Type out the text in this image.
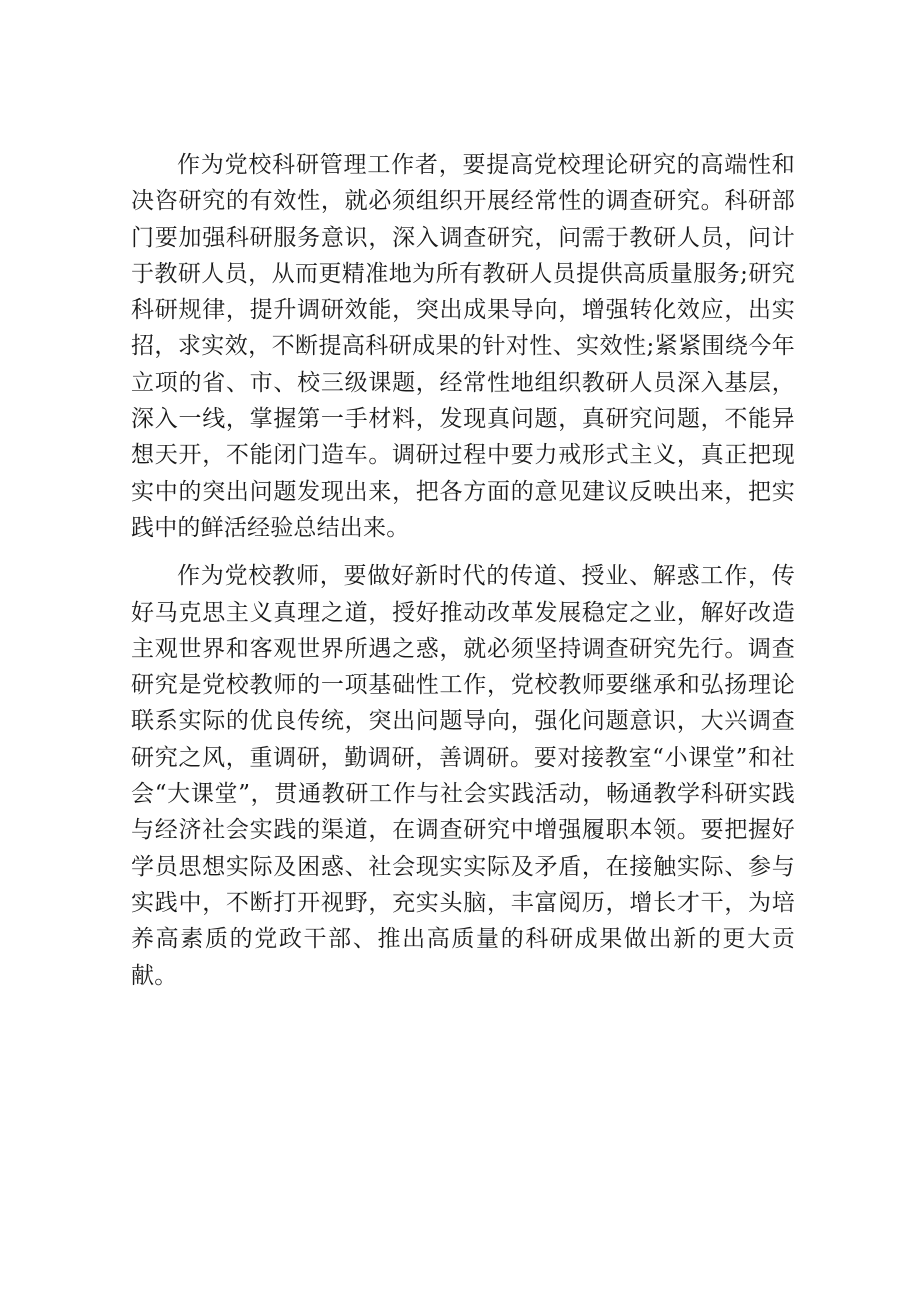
作为党校科研管理工作者，要提高党校理论研究的高端性和决咨研究的有效性，就必须组织开展经常性的调查研究。科研部门要加强科研服务意识，深入调查研究，问需于教研人员，问计于教研人员，从而更精准地为所有教研人员提供高质量服务;研究科研规律，提升调研效能，突出成果导向，增强转化效应，出实招，求实效，不断提高科研成果的针对性、实效性;紧紧围绕今年立项的省、市、校三级课题，经常性地组织教研人员深入基层，深入一线，掌握第一手材料，发现真问题，真研究问题，不能异想天开，不能闭门造车。调研过程中要力戒形式主义，真正把现实中的突出问题发现出来，把各方面的意见建议反映出来，把实践中的鲜活经验总结出来。

作为党校教师，要做好新时代的传道、授业、解惑工作，传好马克思主义真理之道，授好推动改革发展稳定之业，解好改造主观世界和客观世界所遇之惑，就必须坚持调查研究先行。调查研究是党校教师的一项基础性工作，党校教师要继承和弘扬理论联系实际的优良传统，突出问题导向，强化问题意识，大兴调查研究之风，重调研，勤调研，善调研。要对接教室“小课堂”和社会“大课堂”，贯通教研工作与社会实践活动，畅通教学科研实践与经济社会实践的渠道，在调查研究中增强履职本领。要把握好学员思想实际及困惑、社会现实实际及矛盾，在接触实际、参与实践中，不断打开视野，充实头脑，丰富阅历，增长才干，为培养高素质的党政干部、推出高质量的科研成果做出新的更大贡献。
